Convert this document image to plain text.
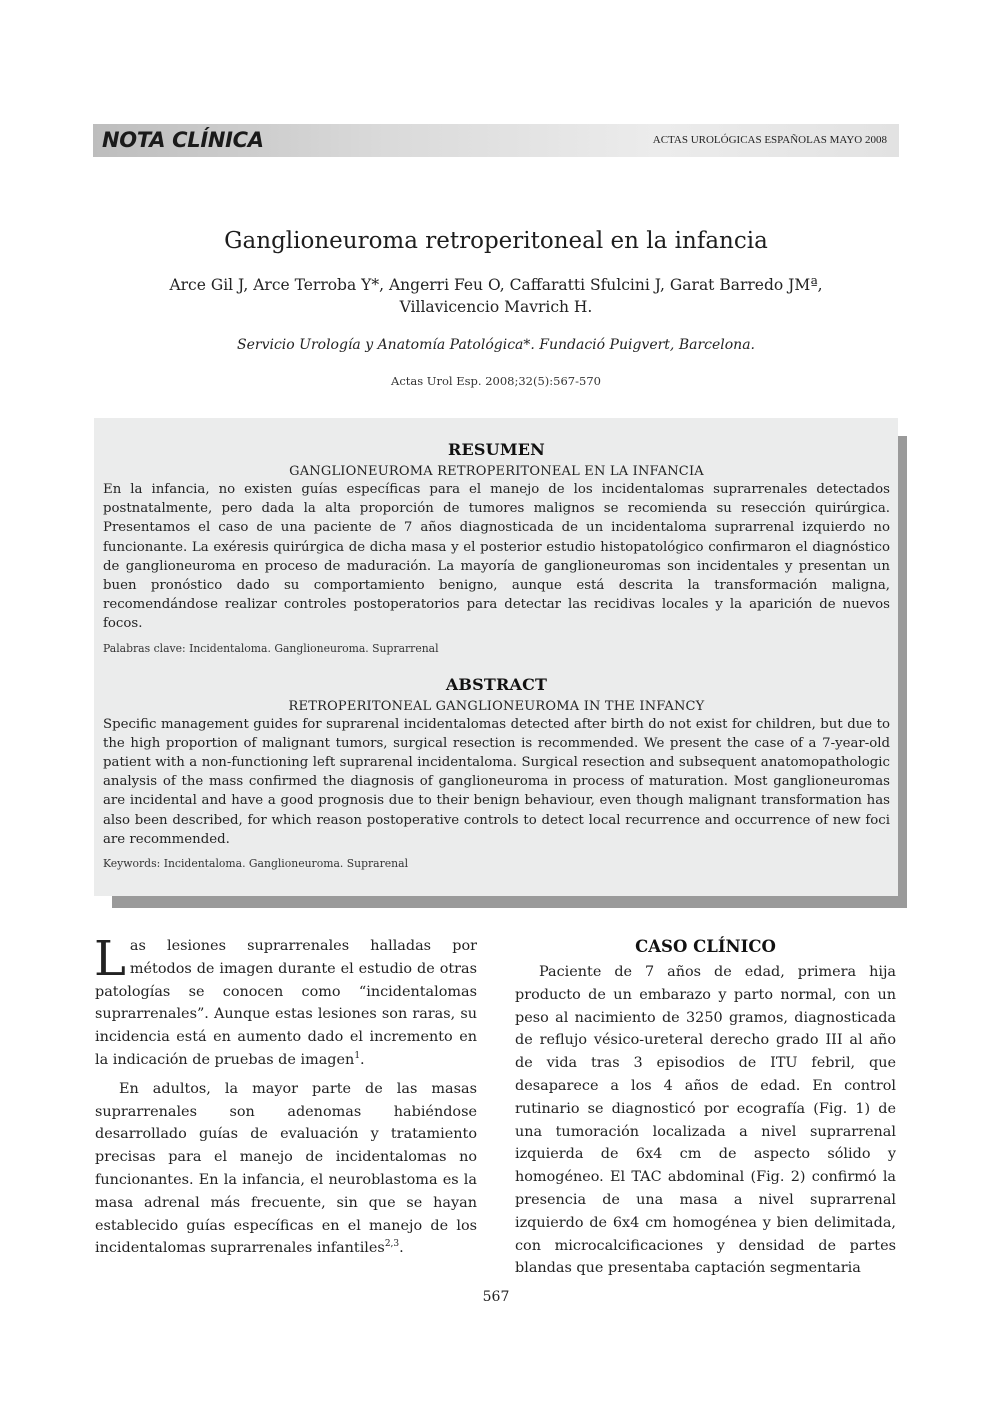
NOTA CLÍNICA	ACTAS UROLÓGICAS ESPAÑOLAS MAYO 2008
Ganglioneuroma retroperitoneal en la infancia
Arce Gil J, Arce Terroba Y*, Angerri Feu O, Caffaratti Sfulcini J, Garat Barredo JMª,
Villavicencio Mavrich H.
Servicio Urología y Anatomía Patológica*. Fundació Puigvert, Barcelona.
Actas Urol Esp. 2008;32(5):567-570
RESUMEN
GANGLIONEUROMA RETROPERITONEAL EN LA INFANCIA
En la infancia, no existen guías específicas para el manejo de los incidentalomas suprarrenales detectados postnatalmente, pero dada la alta proporción de tumores malignos se recomienda su resección quirúrgica. Presentamos el caso de una paciente de 7 años diagnosticada de un incidentaloma suprarrenal izquierdo no funcionante. La exéresis quirúrgica de dicha masa y el posterior estudio histopatológico confirmaron el diagnóstico de ganglioneuroma en proceso de maduración. La mayoría de ganglioneuromas son incidentales y presentan un buen pronóstico dado su comportamiento benigno, aunque está descrita la transformación maligna, recomendándose realizar controles postoperatorios para detectar las recidivas locales y la aparición de nuevos focos.
Palabras clave: Incidentaloma. Ganglioneuroma. Suprarrenal
ABSTRACT
RETROPERITONEAL GANGLIONEUROMA IN THE INFANCY
Specific management guides for suprarenal incidentalomas detected after birth do not exist for children, but due to the high proportion of malignant tumors, surgical resection is recommended. We present the case of a 7-year-old patient with a non-functioning left suprarenal incidentaloma. Surgical resection and subsequent anatomopathologic analysis of the mass confirmed the diagnosis of ganglioneuroma in process of maturation. Most ganglioneuromas are incidental and have a good prognosis due to their benign behaviour, even though malignant transformation has also been described, for which reason postoperative controls to detect local recurrence and occurrence of new foci are recommended.
Keywords: Incidentaloma. Ganglioneuroma. Suprarenal

Las lesiones suprarrenales halladas por métodos de imagen durante el estudio de otras patologías se conocen como “incidentalomas suprarrenales”. Aunque estas lesiones son raras, su incidencia está en aumento dado el incremento en la indicación de pruebas de imagen$^1$.

En adultos, la mayor parte de las masas suprarrenales son adenomas habiéndose desarrollado guías de evaluación y tratamiento precisas para el manejo de incidentalomas no funcionantes. En la infancia, el neuroblastoma es la masa adrenal más frecuente, sin que se hayan establecido guías específicas en el manejo de los incidentalomas suprarrenales infantiles$^{2,3}$.

CASO CLÍNICO

Paciente de 7 años de edad, primera hija producto de un embarazo y parto normal, con un peso al nacimiento de 3250 gramos, diagnosticada de reflujo vésico-ureteral derecho grado III al año de vida tras 3 episodios de ITU febril, que desaparece a los 4 años de edad. En control rutinario se diagnosticó por ecografía (Fig. 1) de una tumoración localizada a nivel suprarrenal izquierda de 6x4 cm de aspecto sólido y homogéneo. El TAC abdominal (Fig. 2) confirmó la presencia de una masa a nivel suprarrenal izquierdo de 6x4 cm homogénea y bien delimitada, con microcalcificaciones y densidad de partes blandas que presentaba captación segmentaria

567
